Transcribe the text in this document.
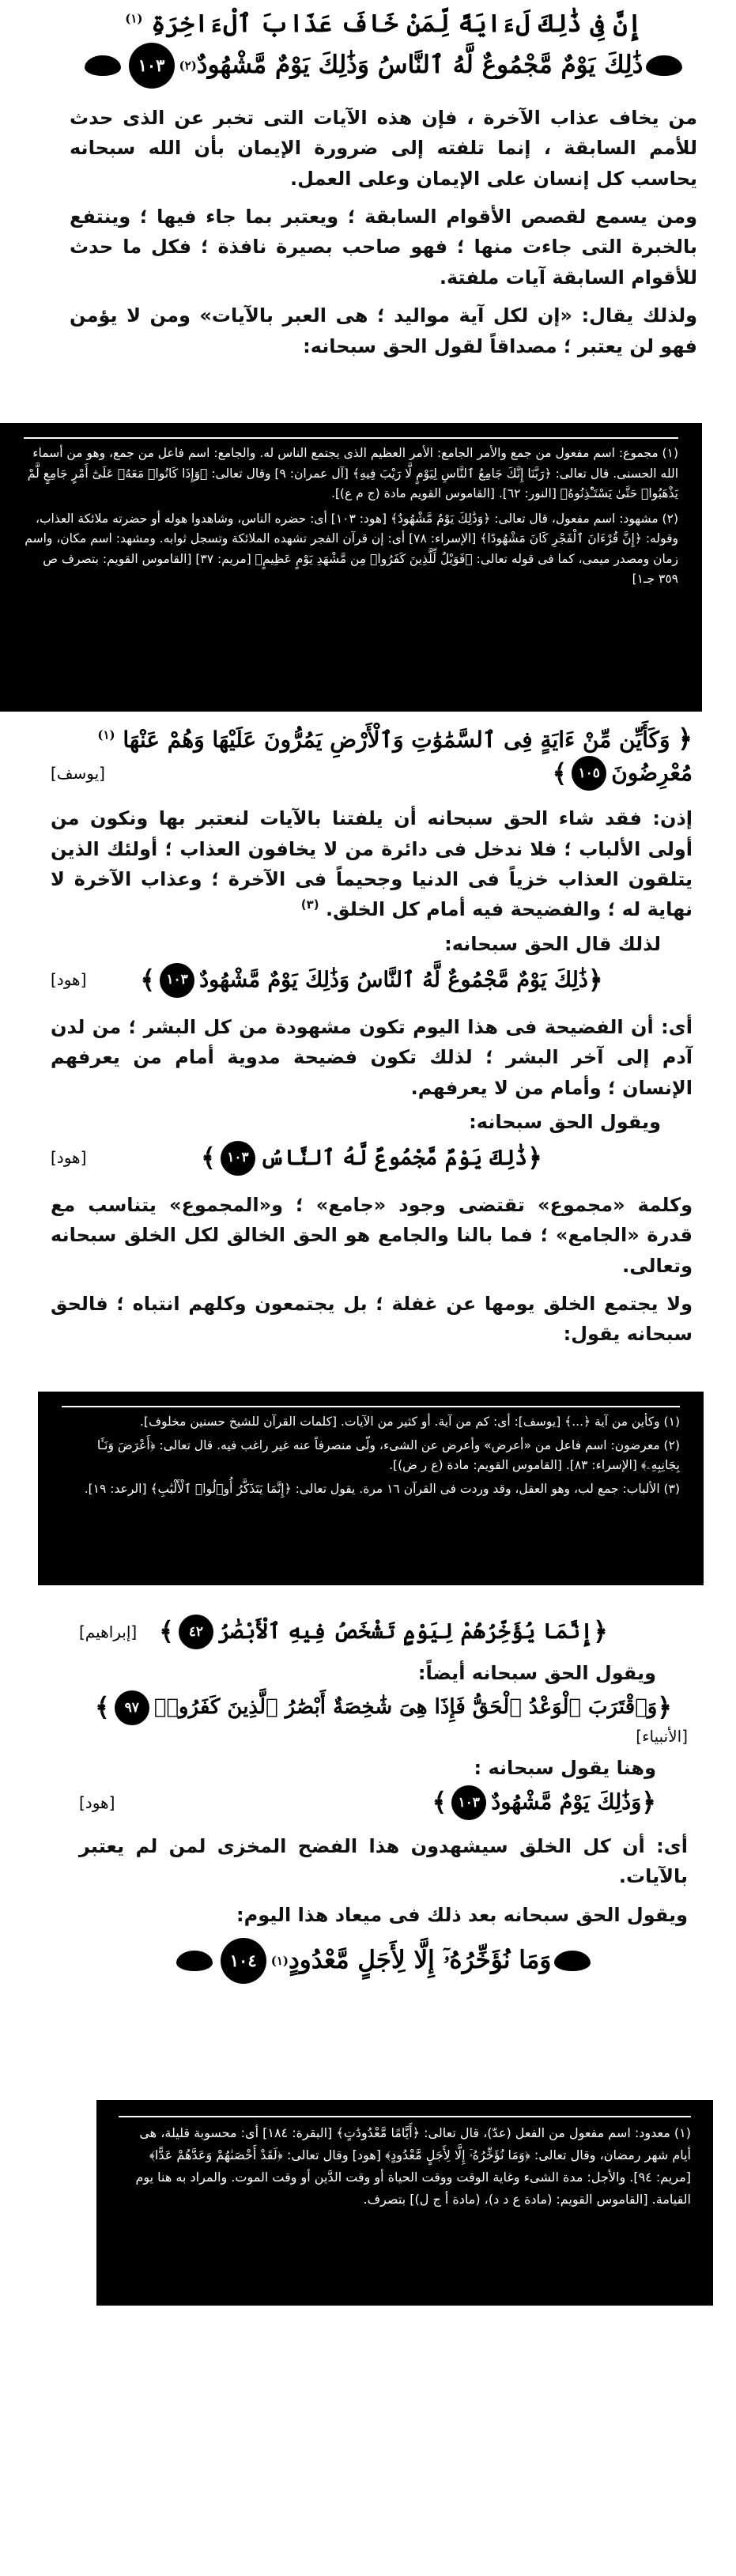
إِنَّ فِى ذَٰلِكَ لَءَايَةً لِّمَنْ خَافَ عَذَابَ ٱلْءَاخِرَةِ $^{(١)}$
ذَٰلِكَ يَوْمٌ مَّجْمُوعٌ لَّهُ ٱلنَّاسُ وَذَٰلِكَ يَوْمٌ مَّشْهُودٌ
(٢)
١٠٣

من يخاف عذاب الآخرة ، فإن هذه الآيات التى تخبر عن الذى حدث للأمم السابقة ، إنما تلفته إلى ضرورة الإيمان بأن الله سبحانه يحاسب كل إنسان على الإيمان وعلى العمل.

ومن يسمع لقصص الأقوام السابقة ؛ ويعتبر بما جاء فيها ؛ وينتفع بالخبرة التى جاءت منها ؛ فهو صاحب بصيرة نافذة ؛ فكل ما حدث للأقوام السابقة آيات ملفتة.

ولذلك يقال: «إن لكل آية مواليد ؛ هى العبر بالآيات» ومن لا يؤمن فهو لن يعتبر ؛ مصداقاً لقول الحق سبحانه:

(١) مجموع: اسم مفعول من جمع والأمر الجامع: الأمر العظيم الذى يجتمع الناس له. والجامع: اسم فاعل من جمع، وهو من أسماء الله الحسنى. قال تعالى: ﴿رَبَّنَا إِنَّكَ جَامِعُ ٱلنَّاسِ لِيَوْمٍ لَّا رَيْبَ فِيهِ﴾ [آل عمران: ٩] وقال تعالى: ﴿وَإِذَا كَانُوا۟ مَعَهُۥ عَلَىٰٓ أَمْرٍ جَامِعٍ لَّمْ يَذْهَبُوا۟ حَتَّىٰ يَسْتَـْٔذِنُوهُ﴾ [النور: ٦٢]. [القاموس القويم مادة (ج م ع)].

(٢) مشهود: اسم مفعول، قال تعالى: ﴿وَذَٰلِكَ يَوْمٌ مَّشْهُودٌ﴾ [هود: ١٠٣] أى: حضره الناس، وشاهدوا هوله أو حضرته ملائكة العذاب، وقوله: ﴿إِنَّ قُرْءَانَ ٱلْفَجْرِ كَانَ مَشْهُودًا﴾ [الإسراء: ٧٨] أى: إن قرآن الفجر تشهده الملائكة وتسجل ثوابه. ومشهد: اسم مكان، واسم زمان ومصدر ميمى، كما فى قوله تعالى: ﴿فَوَيْلٌ لِّلَّذِينَ كَفَرُوا۟ مِن مَّشْهَدِ يَوْمٍ عَظِيمٍ﴾ [مريم: ٣٧] [القاموس القويم: بتصرف ص ٣٥٩ جـ١]

﴿ وَكَأَيِّن مِّنْ ءَايَةٍ فِى ٱلسَّمَٰوَٰتِ وَٱلْأَرْضِ يَمُرُّونَ عَلَيْهَا وَهُمْ عَنْهَا $^{(١)}$
مُعْرِضُونَ
١٠٥
﴾
[يوسف]

إذن: فقد شاء الحق سبحانه أن يلفتنا بالآيات لنعتبر بها ونكون من أولى الألباب ؛ فلا ندخل فى دائرة من لا يخافون العذاب ؛ أولئك الذين يتلقون العذاب خزياً فى الدنيا وجحيماً فى الآخرة ؛ وعذاب الآخرة لا نهاية له ؛ والفضيحة فيه أمام كل الخلق. $^{(٣)}$

لذلك قال الحق سبحانه:
﴿
ذَٰلِكَ يَوْمٌ مَّجْمُوعٌ لَّهُ ٱلنَّاسُ وَذَٰلِكَ يَوْمٌ مَّشْهُودٌ
١٠٣
﴾
[هود]

أى: أن الفضيحة فى هذا اليوم تكون مشهودة من كل البشر ؛ من لدن آدم إلى آخر البشر ؛ لذلك تكون فضيحة مدوية أمام من يعرفهم الإنسان ؛ وأمام من لا يعرفهم.

ويقول الحق سبحانه:
﴿
ذَٰلِكَ يَوْمٌ مَّجْمُوعٌ لَّهُ ٱلنَّاسُ
١٠٣
﴾
[هود]

وكلمة «مجموع» تقتضى وجود «جامع» ؛ و«المجموع» يتناسب مع قدرة «الجامع» ؛ فما بالنا والجامع هو الحق الخالق لكل الخلق سبحانه وتعالى.

ولا يجتمع الخلق يومها عن غفلة ؛ بل يجتمعون وكلهم انتباه ؛ فالحق سبحانه يقول:

(١) وكأين من آية ﴿...﴾ [يوسف]: أى: كم من آية. أو كثير من الآيات. [كلمات القرآن للشيخ حسنين مخلوف].

(٢) معرضون: اسم فاعل من «أعرض» وأعرض عن الشىء، ولّى منصرفاً عنه غير راغب فيه. قال تعالى: ﴿أَعْرَضَ وَنَـَٔا بِجَانِبِهِۦ﴾ [الإسراء: ٨٣]. [القاموس القويم: مادة (ع ر ض)].

(٣) الألباب: جمع لب، وهو العقل، وقد وردت فى القرآن ١٦ مرة. يقول تعالى: ﴿إِنَّمَا يَتَذَكَّرُ أُو۟لُوا۟ ٱلْأَلْبَٰبِ﴾ [الرعد: ١٩].

﴿
إِنَّمَا يُؤَخِّرُهُمْ لِيَوْمٍ تَشْخَصُ فِيهِ ٱلْأَبْصَٰرُ
٤٢
﴾
[إبراهيم]
ويقول الحق سبحانه أيضاً:
﴿
وَٱقْتَرَبَ ٱلْوَعْدُ ٱلْحَقُّ فَإِذَا هِىَ شَٰخِصَةٌ أَبْصَٰرُ ٱلَّذِينَ كَفَرُوا۟
٩٧
﴾
[الأنبياء]
وهنا يقول سبحانه :
﴿
وَذَٰلِكَ يَوْمٌ مَّشْهُودٌ
١٠٣
﴾
[هود]

أى: أن كل الخلق سيشهدون هذا الفضح المخزى لمن لم يعتبر بالآيات.

ويقول الحق سبحانه بعد ذلك فى ميعاد هذا اليوم:

وَمَا نُؤَخِّرُهُۥٓ إِلَّا لِأَجَلٍ مَّعْدُودٍ
(١)
١٠٤

(١) معدود: اسم مفعول من الفعل (عدّ)، قال تعالى: ﴿أَيَّامًا مَّعْدُودَٰتٍ﴾ [البقرة: ١٨٤] أى: محسوبة قليلة، هى أيام شهر رمضان، وقال تعالى: ﴿وَمَا نُؤَخِّرُهُۥٓ إِلَّا لِأَجَلٍ مَّعْدُودٍ﴾ [هود] وقال تعالى: ﴿لَقَدْ أَحْصَىٰهُمْ وَعَدَّهُمْ عَدًّا﴾ [مريم: ٩٤]. والأجل: مدة الشىء وغاية الوقت ووقت الحياة أو وقت الدَّين أو وقت الموت. والمراد به هنا يوم القيامة. [القاموس القويم: (مادة ع د د)، (مادة أ ج ل)] بتصرف.
